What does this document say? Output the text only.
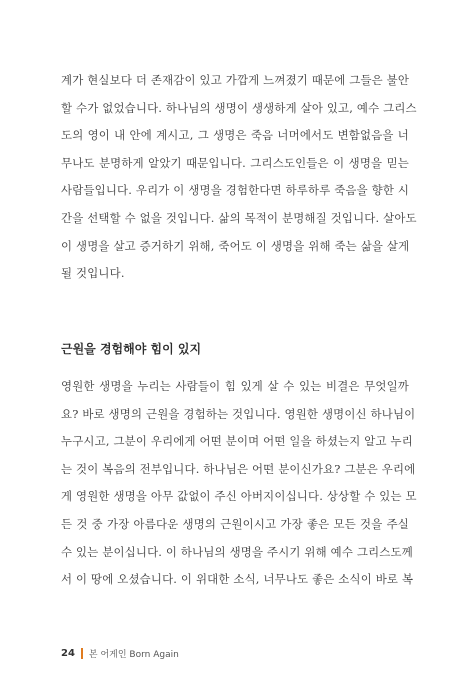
계가 현실보다 더 존재감이 있고 가깝게 느껴졌기 때문에 그들은 불안
할 수가 없었습니다. 하나님의 생명이 생생하게 살아 있고, 예수 그리스
도의 영이 내 안에 계시고, 그 생명은 죽음 너머에서도 변함없음을 너
무나도 분명하게 알았기 때문입니다. 그리스도인들은 이 생명을 믿는
사람들입니다. 우리가 이 생명을 경험한다면 하루하루 죽음을 향한 시
간을 선택할 수 없을 것입니다. 삶의 목적이 분명해질 것입니다. 살아도
이 생명을 살고 증거하기 위해, 죽어도 이 생명을 위해 죽는 삶을 살게
될 것입니다.
근원을 경험해야 힘이 있지
영원한 생명을 누리는 사람들이 힘 있게 살 수 있는 비결은 무엇일까
요? 바로 생명의 근원을 경험하는 것입니다. 영원한 생명이신 하나님이
누구시고, 그분이 우리에게 어떤 분이며 어떤 일을 하셨는지 알고 누리
는 것이 복음의 전부입니다. 하나님은 어떤 분이신가요? 그분은 우리에
게 영원한 생명을 아무 값없이 주신 아버지이십니다. 상상할 수 있는 모
든 것 중 가장 아름다운 생명의 근원이시고 가장 좋은 모든 것을 주실
수 있는 분이십니다. 이 하나님의 생명을 주시기 위해 예수 그리스도께
서 이 땅에 오셨습니다. 이 위대한 소식, 너무나도 좋은 소식이 바로 복
24 본 어게인 Born Again
